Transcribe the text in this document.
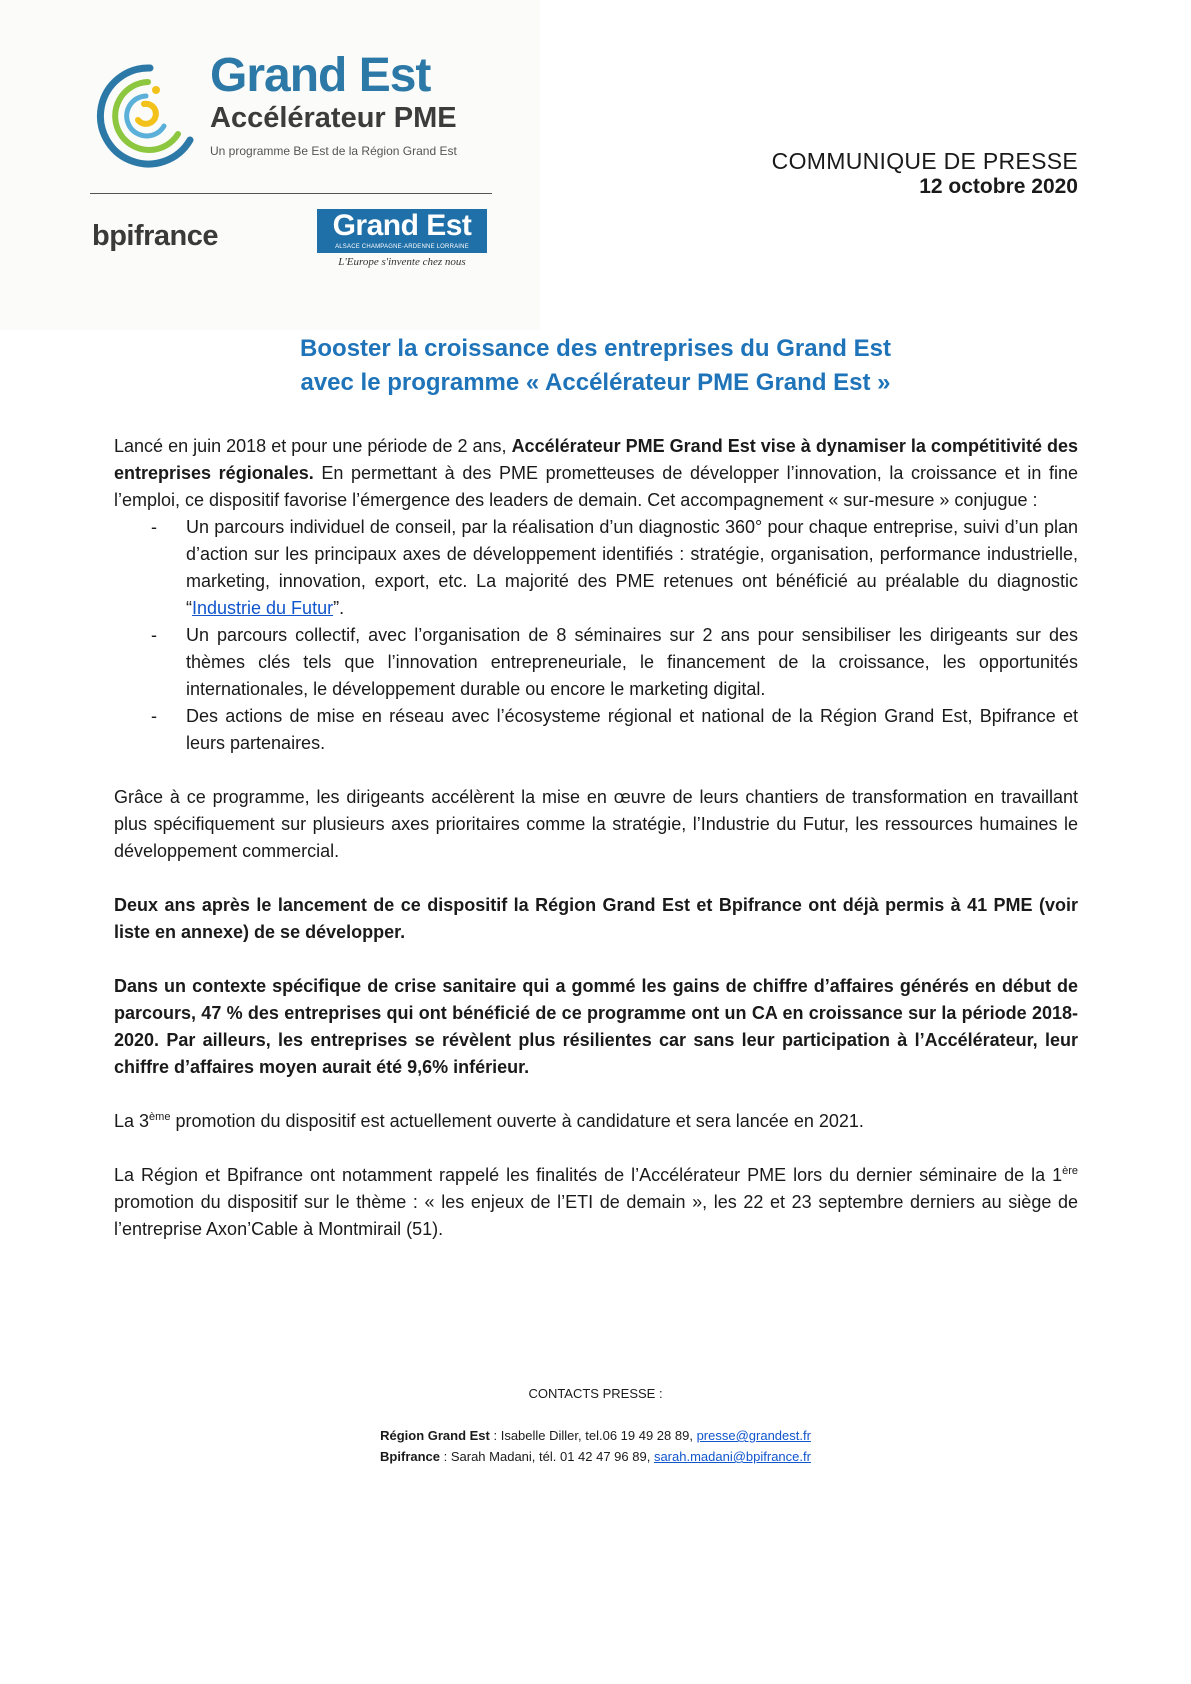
Grand Est
Accélérateur PME
Un programme Be Est de la Région Grand Est
bpifrance	Grand Est
ALSACE CHAMPAGNE-ARDENNE LORRAINE
L'Europe s'invente chez nous
COMMUNIQUE DE PRESSE
12 octobre 2020
Booster la croissance des entreprises du Grand Est
avec le programme « Accélérateur PME Grand Est »

Lancé en juin 2018 et pour une période de 2 ans, Accélérateur PME Grand Est vise à dynamiser la compétitivité des entreprises régionales. En permettant à des PME prometteuses de développer l’innovation, la croissance et in fine l’emploi, ce dispositif favorise l’émergence des leaders de demain. Cet accompagnement « sur-mesure » conjugue :

- Un parcours individuel de conseil, par la réalisation d’un diagnostic 360° pour chaque entreprise, suivi d’un plan d’action sur les principaux axes de développement identifiés : stratégie, organisation, performance industrielle, marketing, innovation, export, etc. La majorité des PME retenues ont bénéficié au préalable du diagnostic “Industrie du Futur”.
- Un parcours collectif, avec l’organisation de 8 séminaires sur 2 ans pour sensibiliser les dirigeants sur des thèmes clés tels que l’innovation entrepreneuriale, le financement de la croissance, les opportunités internationales, le développement durable ou encore le marketing digital.
- Des actions de mise en réseau avec l’écosysteme régional et national de la Région Grand Est, Bpifrance et leurs partenaires.

Grâce à ce programme, les dirigeants accélèrent la mise en œuvre de leurs chantiers de transformation en travaillant plus spécifiquement sur plusieurs axes prioritaires comme la stratégie, l’Industrie du Futur, les ressources humaines le développement commercial.

Deux ans après le lancement de ce dispositif la Région Grand Est et Bpifrance ont déjà permis à 41 PME (voir liste en annexe) de se développer.

Dans un contexte spécifique de crise sanitaire qui a gommé les gains de chiffre d’affaires générés en début de parcours, 47 % des entreprises qui ont bénéficié de ce programme ont un CA en croissance sur la période 2018-2020. Par ailleurs, les entreprises se révèlent plus résilientes car sans leur participation à l’Accélérateur, leur chiffre d’affaires moyen aurait été 9,6% inférieur.

La 3ème promotion du dispositif est actuellement ouverte à candidature et sera lancée en 2021.

La Région et Bpifrance ont notamment rappelé les finalités de l’Accélérateur PME lors du dernier séminaire de la 1ère promotion du dispositif sur le thème : « les enjeux de l’ETI de demain », les 22 et 23 septembre derniers au siège de l’entreprise Axon’Cable à Montmirail (51).

CONTACTS PRESSE :
Région Grand Est : Isabelle Diller, tel.06 19 49 28 89, presse@grandest.fr
Bpifrance : Sarah Madani, tél. 01 42 47 96 89, sarah.madani@bpifrance.fr
